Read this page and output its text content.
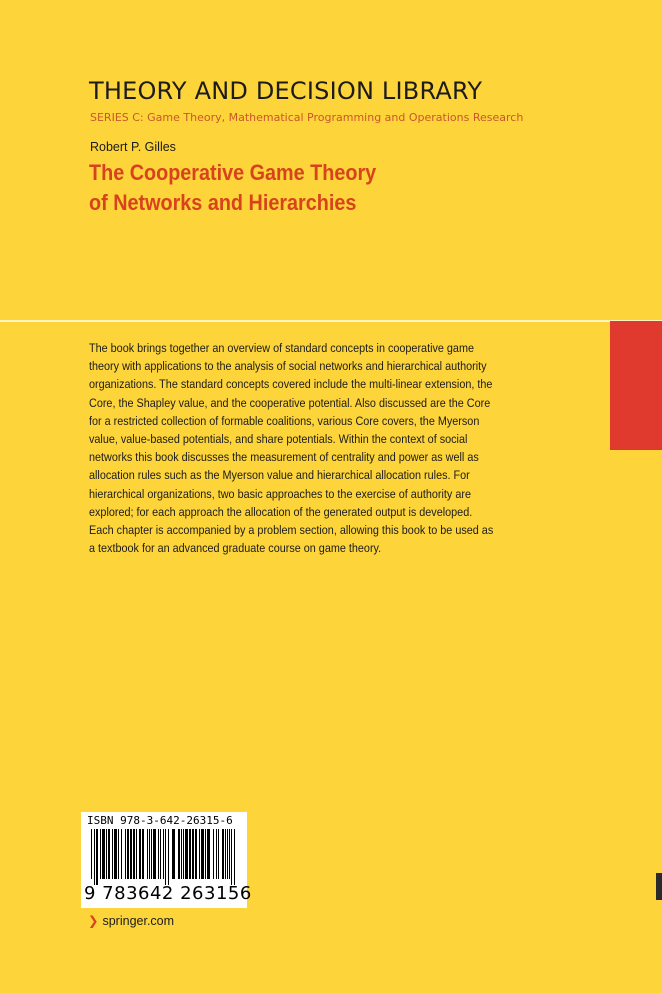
THEORY AND DECISION LIBRARY
SERIES C: Game Theory, Mathematical Programming and Operations Research
Robert P. Gilles
The Cooperative Game Theory
of Networks and Hierarchies
The book brings together an overview of standard concepts in cooperative game
theory with applications to the analysis of social networks and hierarchical authority
organizations. The standard concepts covered include the multi-linear extension, the
Core, the Shapley value, and the cooperative potential. Also discussed are the Core
for a restricted collection of formable coalitions, various Core covers, the Myerson
value, value-based potentials, and share potentials. Within the context of social
networks this book discusses the measurement of centrality and power as well as
allocation rules such as the Myerson value and hierarchical allocation rules. For
hierarchical organizations, two basic approaches to the exercise of authority are
explored; for each approach the allocation of the generated output is developed.
Each chapter is accompanied by a problem section, allowing this book to be used as
a textbook for an advanced graduate course on game theory.
ISBN 978-3-642-26315-6
9 783642 263156
❯ springer.com
